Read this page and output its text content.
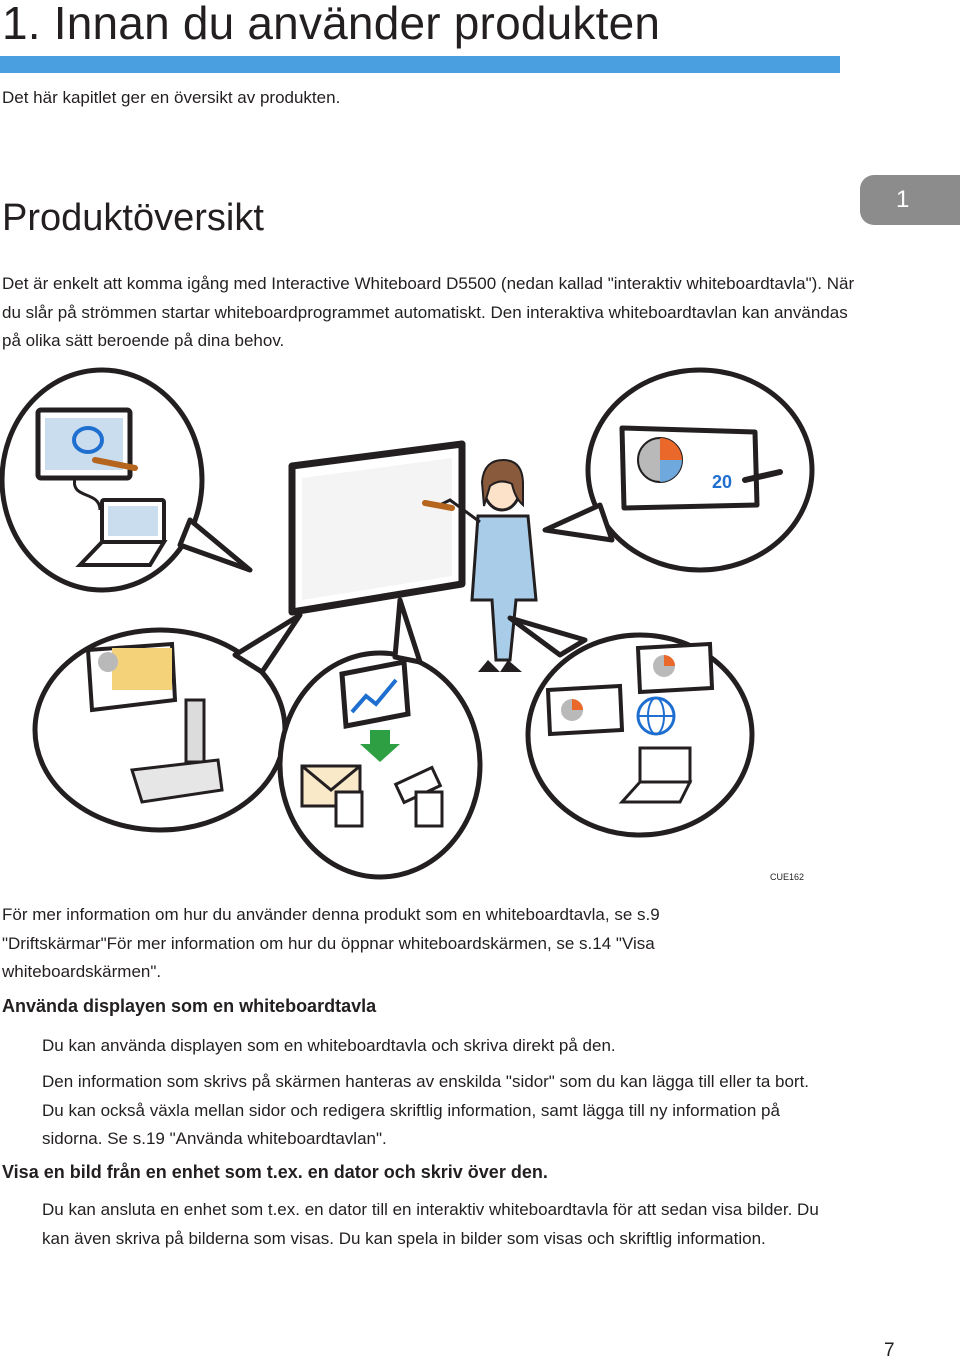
1. Innan du använder produkten

Det här kapitlet ger en översikt av produkten.

Produktöversikt	1

Det är enkelt att komma igång med Interactive Whiteboard D5500 (nedan kallad "interaktiv whiteboardtavla"). När du slår på strömmen startar whiteboardprogrammet automatiskt. Den interaktiva whiteboardtavlan kan användas på olika sätt beroende på dina behov.

20

CUE162

För mer information om hur du använder denna produkt som en whiteboardtavla, se s.9 "Driftskärmar"För mer information om hur du öppnar whiteboardskärmen, se s.14 "Visa whiteboardskärmen".

Använda displayen som en whiteboardtavla

Du kan använda displayen som en whiteboardtavla och skriva direkt på den.

Den information som skrivs på skärmen hanteras av enskilda "sidor" som du kan lägga till eller ta bort. Du kan också växla mellan sidor och redigera skriftlig information, samt lägga till ny information på sidorna. Se s.19 "Använda whiteboardtavlan".

Visa en bild från en enhet som t.ex. en dator och skriv över den.

Du kan ansluta en enhet som t.ex. en dator till en interaktiv whiteboardtavla för att sedan visa bilder. Du kan även skriva på bilderna som visas. Du kan spela in bilder som visas och skriftlig information.

7
